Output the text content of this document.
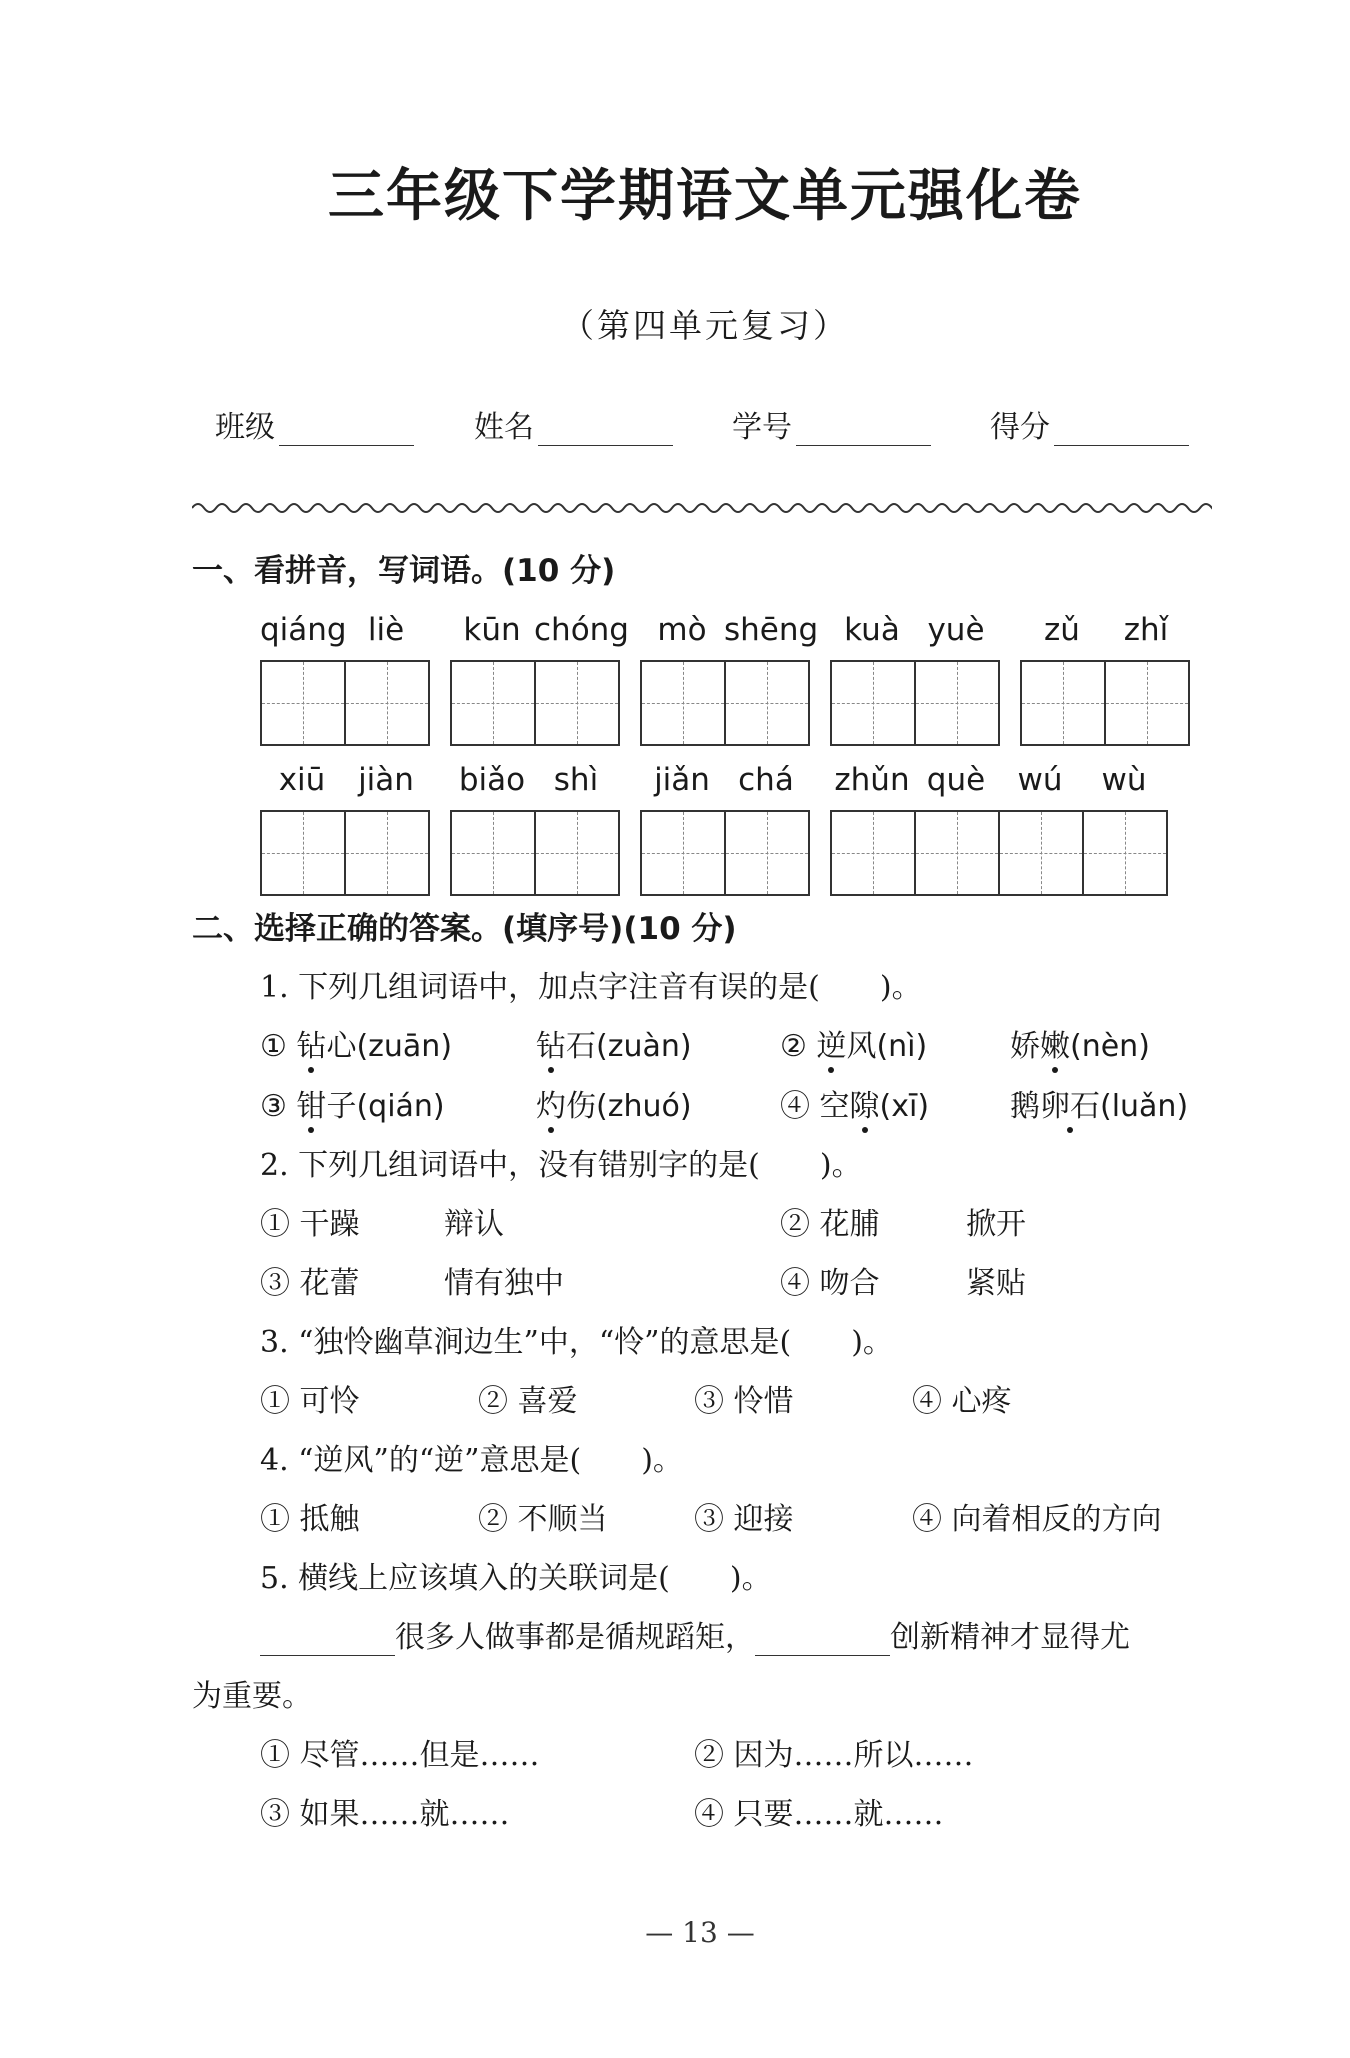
三年级下学期语文单元强化卷
（第四单元复习）
班级	姓名	学号	得分
一、看拼音，写词语。(10 分)
qiáng liè	kūn chóng mò shēng kuà yuè	zǔ	zhǐ
xiū	jiàn	biǎo shì	jiǎn chá	zhǔn què	wú	wù
二、选择正确的答案。(填序号)(10 分)
1. 下列几组词语中，加点字注音有误的是(　　)。
① 钻心(zuān)	钻石(zuàn)	② 逆风(nì)	娇嫩(nèn)
③ 钳子(qián)	灼伤(zhuó)	④ 空隙(xī)	鹅卵石(luǎn)
2. 下列几组词语中，没有错别字的是(　　)。
① 干躁	辩认	② 花脯	掀开
③ 花蕾	情有独中	④ 吻合	紧贴
3. “独怜幽草涧边生”中，“怜”的意思是(　　)。
① 可怜	② 喜爱	③ 怜惜	④ 心疼
4. “逆风”的“逆”意思是(　　)。
① 抵触	② 不顺当	③ 迎接	④ 向着相反的方向
5. 横线上应该填入的关联词是(　　)。
很多人做事都是循规蹈矩，	创新精神才显得尤
为重要。
① 尽管……但是……	② 因为……所以……
③ 如果……就……	④ 只要……就……
— 13 —
